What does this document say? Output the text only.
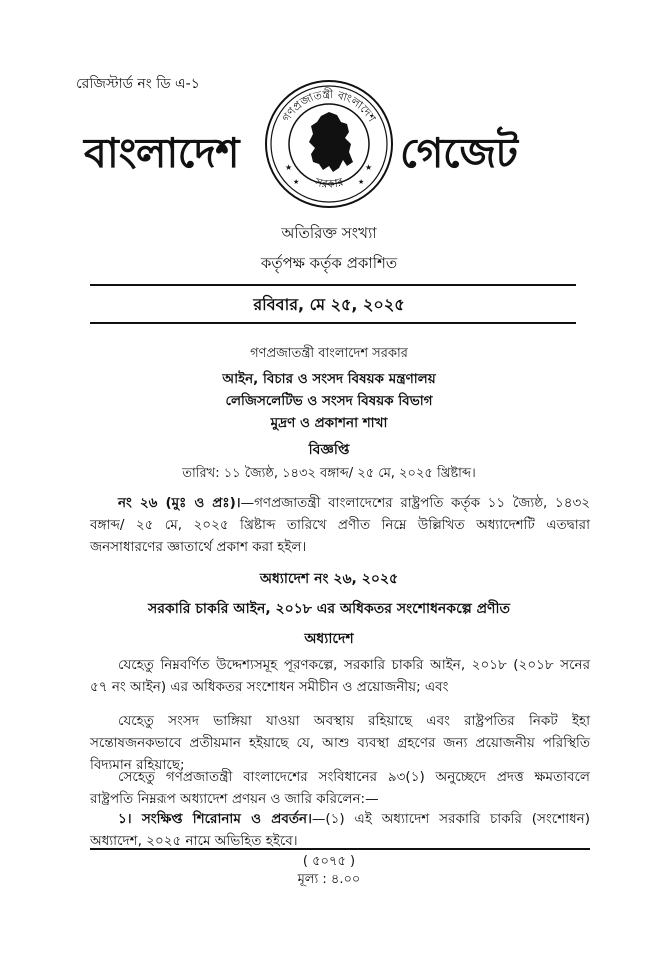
রেজিস্টার্ড নং ডি এ-১
বাংলাদেশ
গণপ্রজাতন্ত্রী বাংলাদেশ
সরকার
★	★
★	★
গেজেট
অতিরিক্ত সংখ্যা
কর্তৃপক্ষ কর্তৃক প্রকাশিত
রবিবার, মে ২৫, ২০২৫
গণপ্রজাতন্ত্রী বাংলাদেশ সরকার
আইন, বিচার ও সংসদ বিষয়ক মন্ত্রণালয়
লেজিসলেটিভ ও সংসদ বিষয়ক বিভাগ
মুদ্রণ ও প্রকাশনা শাখা
বিজ্ঞপ্তি
তারিখ: ১১ জ্যৈষ্ঠ, ১৪৩২ বঙ্গাব্দ/ ২৫ মে, ২০২৫ খ্রিষ্টাব্দ।
নং ২৬ (মুঃ ও প্রঃ)।—গণপ্রজাতন্ত্রী বাংলাদেশের রাষ্ট্রপতি কর্তৃক ১১ জ্যৈষ্ঠ, ১৪৩২ বঙ্গাব্দ/ ২৫ মে, ২০২৫ খ্রিষ্টাব্দ তারিখে প্রণীত নিম্নে উল্লিখিত অধ্যাদেশটি এতদ্বারা জনসাধারণের জ্ঞাতার্থে প্রকাশ করা হইল।
অধ্যাদেশ নং ২৬, ২০২৫
সরকারি চাকরি আইন, ২০১৮ এর অধিকতর সংশোধনকল্পে প্রণীত
অধ্যাদেশ
যেহেতু নিম্নবর্ণিত উদ্দেশ্যসমূহ পূরণকল্পে, সরকারি চাকরি আইন, ২০১৮ (২০১৮ সনের ৫৭ নং আইন) এর অধিকতর সংশোধন সমীচীন ও প্রয়োজনীয়; এবং
যেহেতু সংসদ ভাঙ্গিয়া যাওয়া অবস্থায় রহিয়াছে এবং রাষ্ট্রপতির নিকট ইহা সন্তোষজনকভাবে প্রতীয়মান হইয়াছে যে, আশু ব্যবস্থা গ্রহণের জন্য প্রয়োজনীয় পরিস্থিতি বিদ্যমান রহিয়াছে;
সেহেতু গণপ্রজাতন্ত্রী বাংলাদেশের সংবিধানের ৯৩(১) অনুচ্ছেদে প্রদত্ত ক্ষমতাবলে রাষ্ট্রপতি নিম্নরূপ অধ্যাদেশ প্রণয়ন ও জারি করিলেন:—
১। সংক্ষিপ্ত শিরোনাম ও প্রবর্তন।—(১) এই অধ্যাদেশ সরকারি চাকরি (সংশোধন) অধ্যাদেশ, ২০২৫ নামে অভিহিত হইবে।
( ৫০৭৫ )
মূল্য : ৪.০০
